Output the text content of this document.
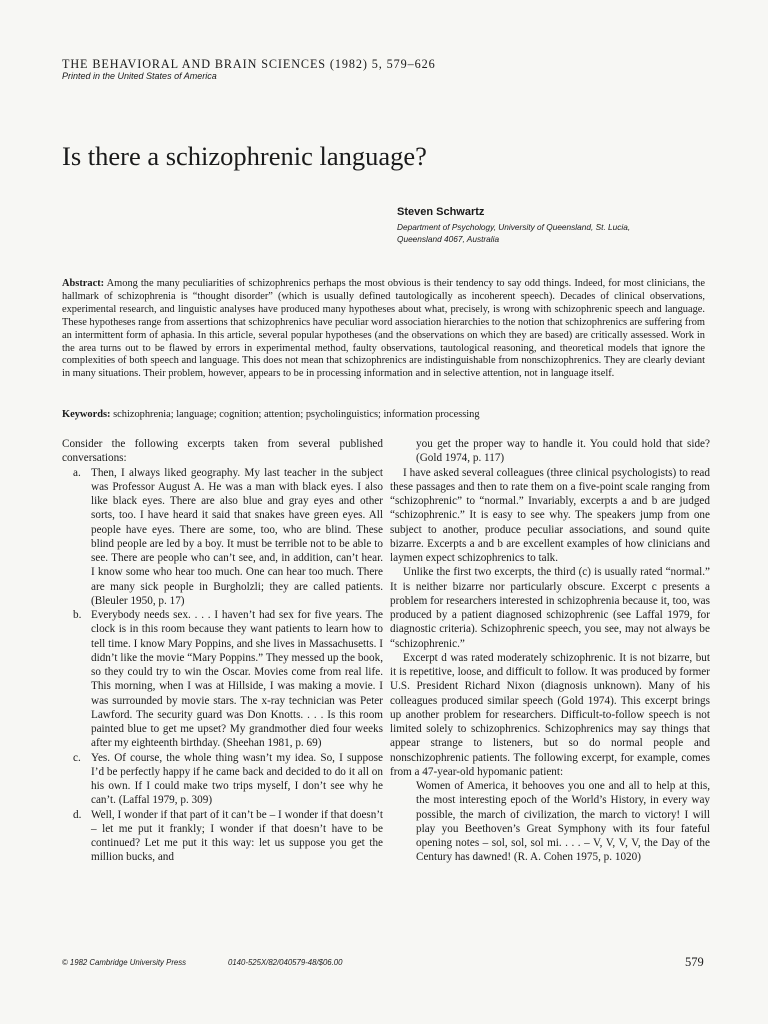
THE BEHAVIORAL AND BRAIN SCIENCES (1982) 5, 579–626
Printed in the United States of America
Is there a schizophrenic language?
Steven Schwartz
Department of Psychology, University of Queensland, St. Lucia,
Queensland 4067, Australia
Abstract: Among the many peculiarities of schizophrenics perhaps the most obvious is their tendency to say odd things. Indeed, for most clinicians, the hallmark of schizophrenia is “thought disorder” (which is usually defined tautologically as incoherent speech). Decades of clinical observations, experimental research, and linguistic analyses have produced many hypotheses about what, precisely, is wrong with schizophrenic speech and language. These hypotheses range from assertions that schizophrenics have peculiar word association hierarchies to the notion that schizophrenics are suffering from an intermittent form of aphasia. In this article, several popular hypotheses (and the observations on which they are based) are critically assessed. Work in the area turns out to be flawed by errors in experimental method, faulty observations, tautological reasoning, and theoretical models that ignore the complexities of both speech and language. This does not mean that schizophrenics are indistinguishable from nonschizophrenics. They are clearly deviant in many situations. Their problem, however, appears to be in processing information and in selective attention, not in language itself.
Keywords: schizophrenia; language; cognition; attention; psycholinguistics; information processing

Consider the following excerpts taken from several published conversations:

a. Then, I always liked geography. My last teacher in the subject was Professor August A. He was a man with black eyes. I also like black eyes. There are also blue and gray eyes and other sorts, too. I have heard it said that snakes have green eyes. All people have eyes. There are some, too, who are blind. These blind people are led by a boy. It must be terrible not to be able to see. There are people who can’t see, and, in addition, can’t hear. I know some who hear too much. One can hear too much. There are many sick people in Burgholzli; they are called patients. (Bleuler 1950, p. 17)
b. Everybody needs sex. . . . I haven’t had sex for five years. The clock is in this room because they want patients to learn how to tell time. I know Mary Poppins, and she lives in Massachusetts. I didn’t like the movie “Mary Poppins.” They messed up the book, so they could try to win the Oscar. Movies come from real life. This morning, when I was at Hillside, I was making a movie. I was surrounded by movie stars. The x-ray technician was Peter Lawford. The security guard was Don Knotts. . . . Is this room painted blue to get me upset? My grandmother died four weeks after my eighteenth birthday. (Sheehan 1981, p. 69)
c. Yes. Of course, the whole thing wasn’t my idea. So, I suppose I’d be perfectly happy if he came back and decided to do it all on his own. If I could make two trips myself, I don’t see why he can’t. (Laffal 1979, p. 309)
d. Well, I wonder if that part of it can’t be – I wonder if that doesn’t – let me put it frankly; I wonder if that doesn’t have to be continued? Let me put it this way: let us suppose you get the million bucks, and

you get the proper way to handle it. You could hold that side? (Gold 1974, p. 117)

I have asked several colleagues (three clinical psychologists) to read these passages and then to rate them on a five-point scale ranging from “schizophrenic” to “normal.” Invariably, excerpts a and b are judged “schizophrenic.” It is easy to see why. The speakers jump from one subject to another, produce peculiar associations, and sound quite bizarre. Excerpts a and b are excellent examples of how clinicians and laymen expect schizophrenics to talk.

Unlike the first two excerpts, the third (c) is usually rated “normal.” It is neither bizarre nor particularly obscure. Excerpt c presents a problem for researchers interested in schizophrenia because it, too, was produced by a patient diagnosed schizophrenic (see Laffal 1979, for diagnostic criteria). Schizophrenic speech, you see, may not always be “schizophrenic.”

Excerpt d was rated moderately schizophrenic. It is not bizarre, but it is repetitive, loose, and difficult to follow. It was produced by former U.S. President Richard Nixon (diagnosis unknown). Many of his colleagues produced similar speech (Gold 1974). This excerpt brings up another problem for researchers. Difficult-to-follow speech is not limited solely to schizophrenics. Schizophrenics may say things that appear strange to listeners, but so do normal people and nonschizophrenic patients. The following excerpt, for example, comes from a 47-year-old hypomanic patient:

Women of America, it behooves you one and all to help at this, the most interesting epoch of the World’s History, in every way possible, the march of civilization, the march to victory! I will play you Beethoven’s Great Symphony with its four fateful opening notes – sol, sol, sol mi. . . . – V, V, V, V, the Day of the Century has dawned! (R. A. Cohen 1975, p. 1020)

© 1982 Cambridge University Press	0140-525X/82/040579-48/$06.00	579
